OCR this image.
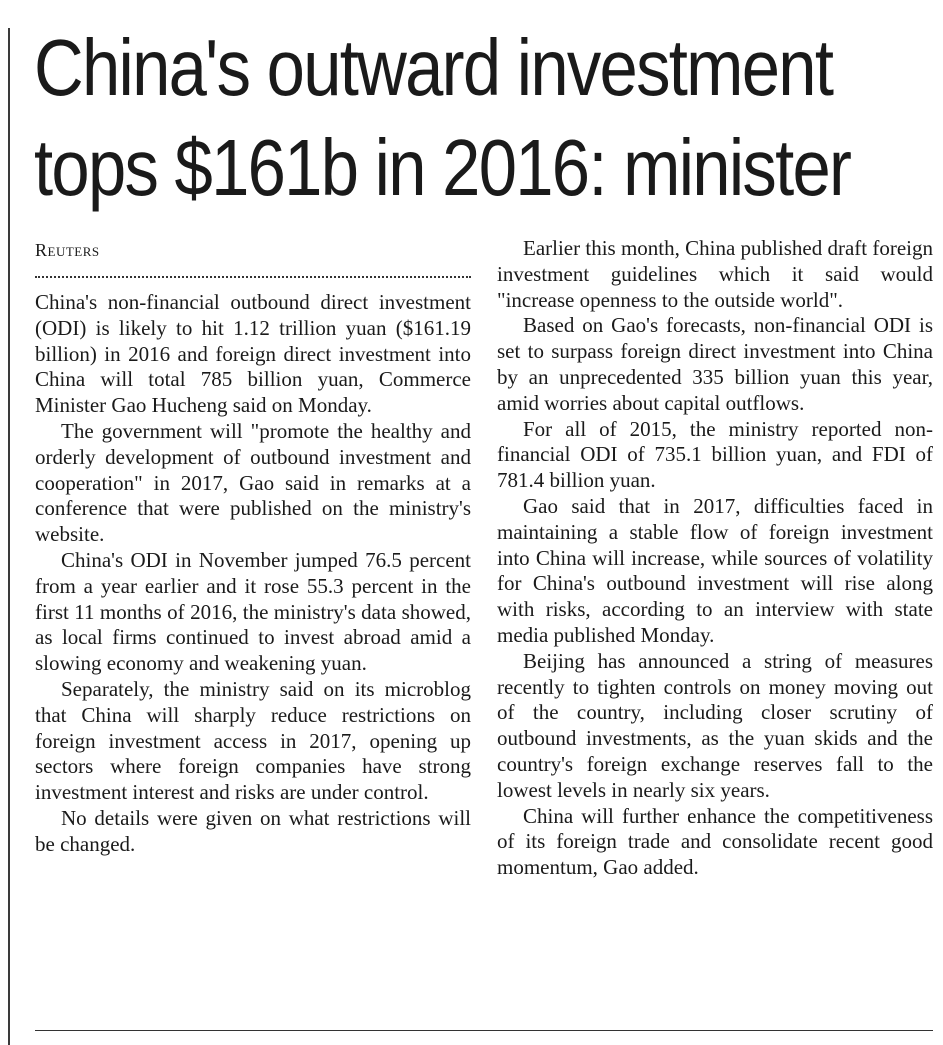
China's outward investment
tops $161b in 2016: minister
Reuters

China's non-financial outbound direct investment (ODI) is likely to hit 1.12 trillion yuan ($161.19 billion) in 2016 and foreign direct investment into China will total 785 billion yuan, Commerce Minister Gao Hucheng said on Monday.

The government will "promote the healthy and orderly development of outbound investment and cooperation" in 2017, Gao said in remarks at a conference that were published on the ministry's website.

China's ODI in November jumped 76.5 percent from a year earlier and it rose 55.3 percent in the first 11 months of 2016, the ministry's data showed, as local firms continued to invest abroad amid a slowing economy and weakening yuan.

Separately, the ministry said on its microblog that China will sharply reduce restrictions on foreign investment access in 2017, opening up sectors where foreign companies have strong investment interest and risks are under control.

No details were given on what restrictions will be changed.

Earlier this month, China published draft foreign investment guidelines which it said would "increase openness to the outside world".

Based on Gao's forecasts, non-financial ODI is set to surpass foreign direct investment into China by an unprecedented 335 billion yuan this year, amid worries about capital outflows.

For all of 2015, the ministry reported non-financial ODI of 735.1 billion yuan, and FDI of 781.4 billion yuan.

Gao said that in 2017, difficulties faced in maintaining a stable flow of foreign investment into China will increase, while sources of volatility for China's outbound investment will rise along with risks, according to an interview with state media published Monday.

Beijing has announced a string of measures recently to tighten controls on money moving out of the country, including closer scrutiny of outbound investments, as the yuan skids and the country's foreign exchange reserves fall to the lowest levels in nearly six years.

China will further enhance the competitiveness of its foreign trade and consolidate recent good momentum, Gao added.
